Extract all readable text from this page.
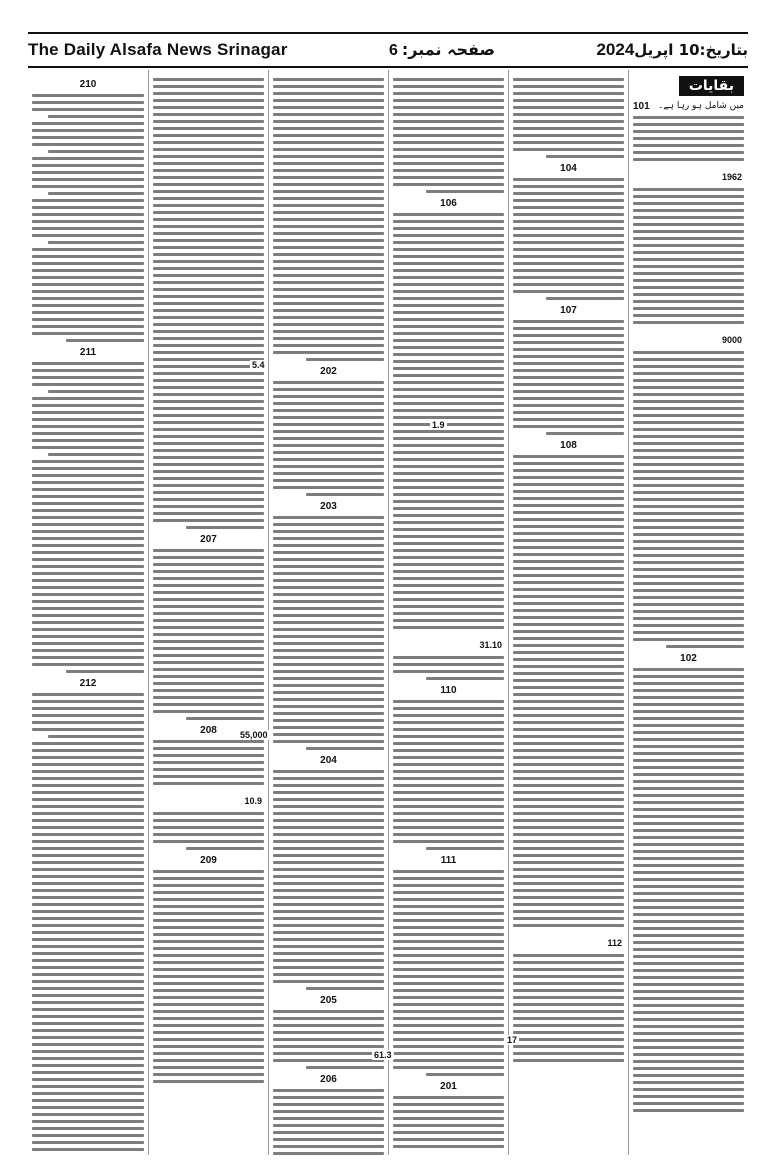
The Daily Alsafa News Srinagar	صفحہ نمبر:6	بتاریخ:10 اپریل2024
210
211
212
207
208
10.9
209
202
203
204
205
206
106
31.10
110
111
201
104
107
108
112
بقایات
میں شامل ہو رہا ہے۔
101
1962
9000
102
1.9
55,000
5.4
61.3
17
